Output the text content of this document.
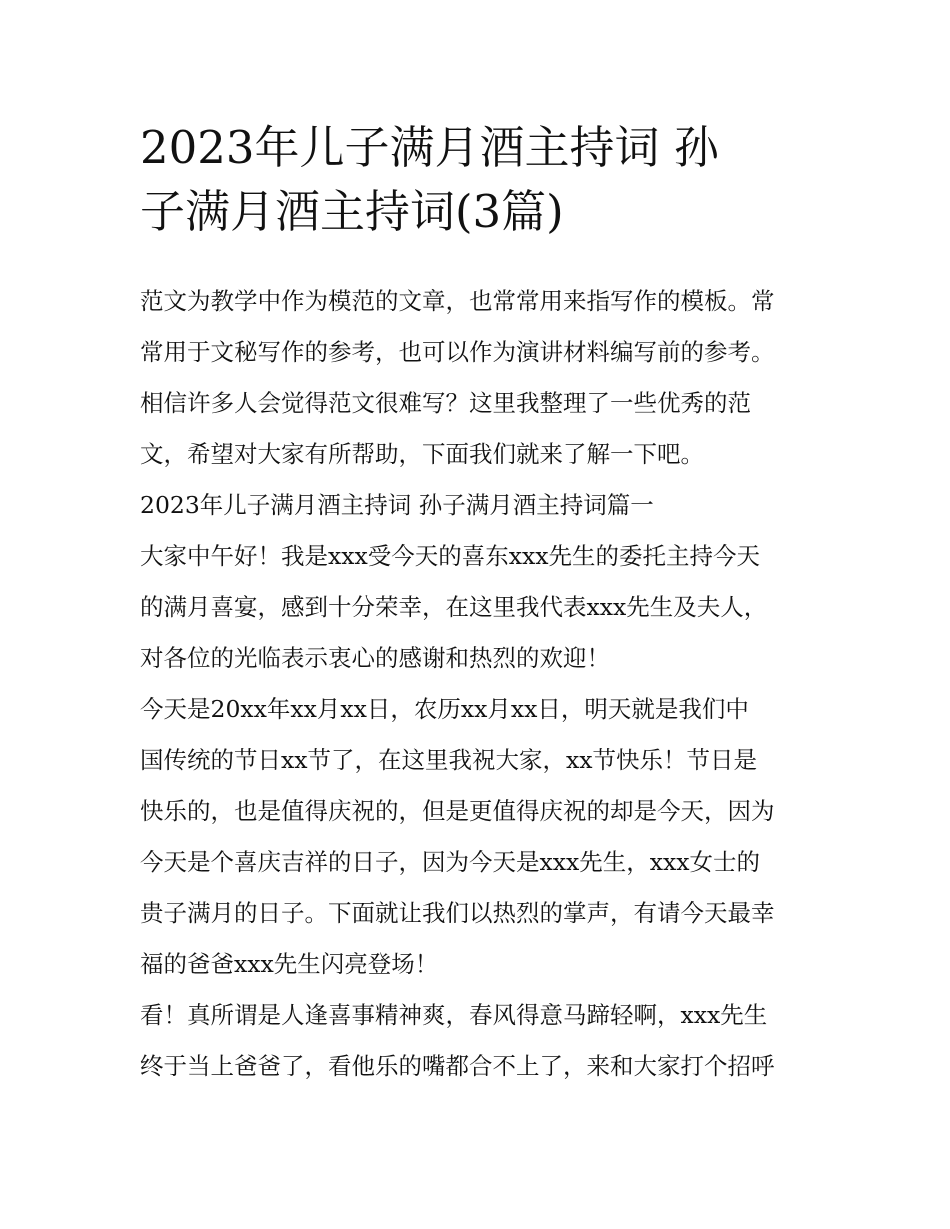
2023年儿子满月酒主持词 孙
子满月酒主持词(3篇)
范文为教学中作为模范的文章，也常常用来指写作的模板。常
常用于文秘写作的参考，也可以作为演讲材料编写前的参考。
相信许多人会觉得范文很难写？这里我整理了一些优秀的范
文，希望对大家有所帮助，下面我们就来了解一下吧。
2023年儿子满月酒主持词 孙子满月酒主持词篇一
大家中午好！我是xxx受今天的喜东xxx先生的委托主持今天
的满月喜宴，感到十分荣幸，在这里我代表xxx先生及夫人，
对各位的光临表示衷心的感谢和热烈的欢迎！
今天是20xx年xx月xx日，农历xx月xx日，明天就是我们中
国传统的节日xx节了，在这里我祝大家，xx节快乐！节日是
快乐的，也是值得庆祝的，但是更值得庆祝的却是今天，因为
今天是个喜庆吉祥的日子，因为今天是xxx先生，xxx女士的
贵子满月的日子。下面就让我们以热烈的掌声，有请今天最幸
福的爸爸xxx先生闪亮登场！
看！真所谓是人逢喜事精神爽，春风得意马蹄轻啊，xxx先生
终于当上爸爸了，看他乐的嘴都合不上了，来和大家打个招呼
